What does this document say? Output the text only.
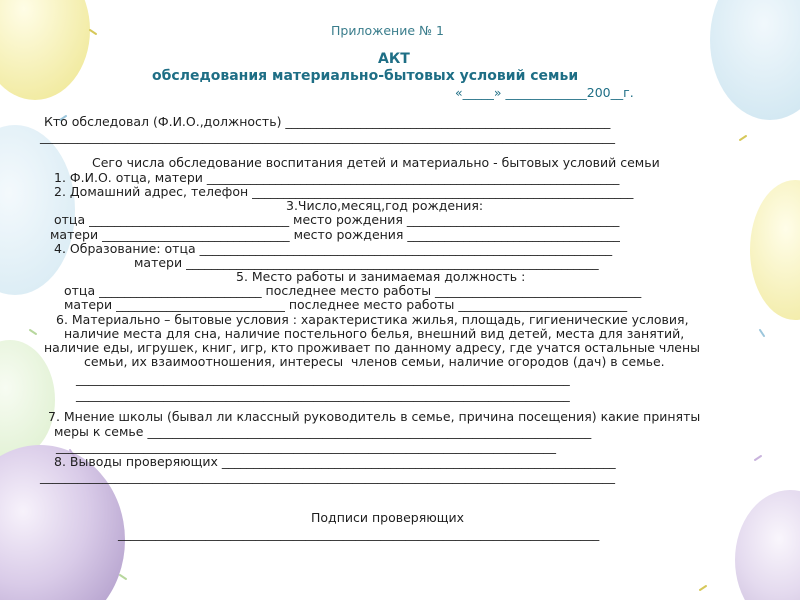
Приложение № 1
АКТ
обследования материально-бытовых условий семьи
«_____» _____________200__г.
Кто обследовал (Ф.И.О.,должность) ____________________________________________________
____________________________________________________________________________________________
Сего числа обследование воспитания детей и материально - бытовых условий семьи
1. Ф.И.О. отца, матери __________________________________________________________________
2. Домашний адрес, телефон _____________________________________________________________
3.Число,месяц,год рождения:
отца ________________________________ место рождения __________________________________
матери ______________________________ место рождения __________________________________
4. Образование: отца __________________________________________________________________
матери __________________________________________________________________
5. Место работы и занимаемая должность :
отца __________________________ последнее место работы _________________________________
матери ___________________________ последнее место работы ___________________________
6. Материально – бытовые условия : характеристика жилья, площадь, гигиенические условия,
наличие места для сна, наличие постельного белья, внешний вид детей, места для занятий,
наличие еды, игрушек, книг, игр, кто проживает по данному адресу, где учатся остальные члены
семьи, их взаимоотношения, интересы  членов семьи, наличие огородов (дач) в семье.
_______________________________________________________________________________
_______________________________________________________________________________
7. Мнение школы (бывал ли классный руководитель в семье, причина посещения) какие приняты
меры к семье _______________________________________________________________________
________________________________________________________________________________
8. Выводы проверяющих _______________________________________________________________
____________________________________________________________________________________________
Подписи проверяющих
_____________________________________________________________________________
